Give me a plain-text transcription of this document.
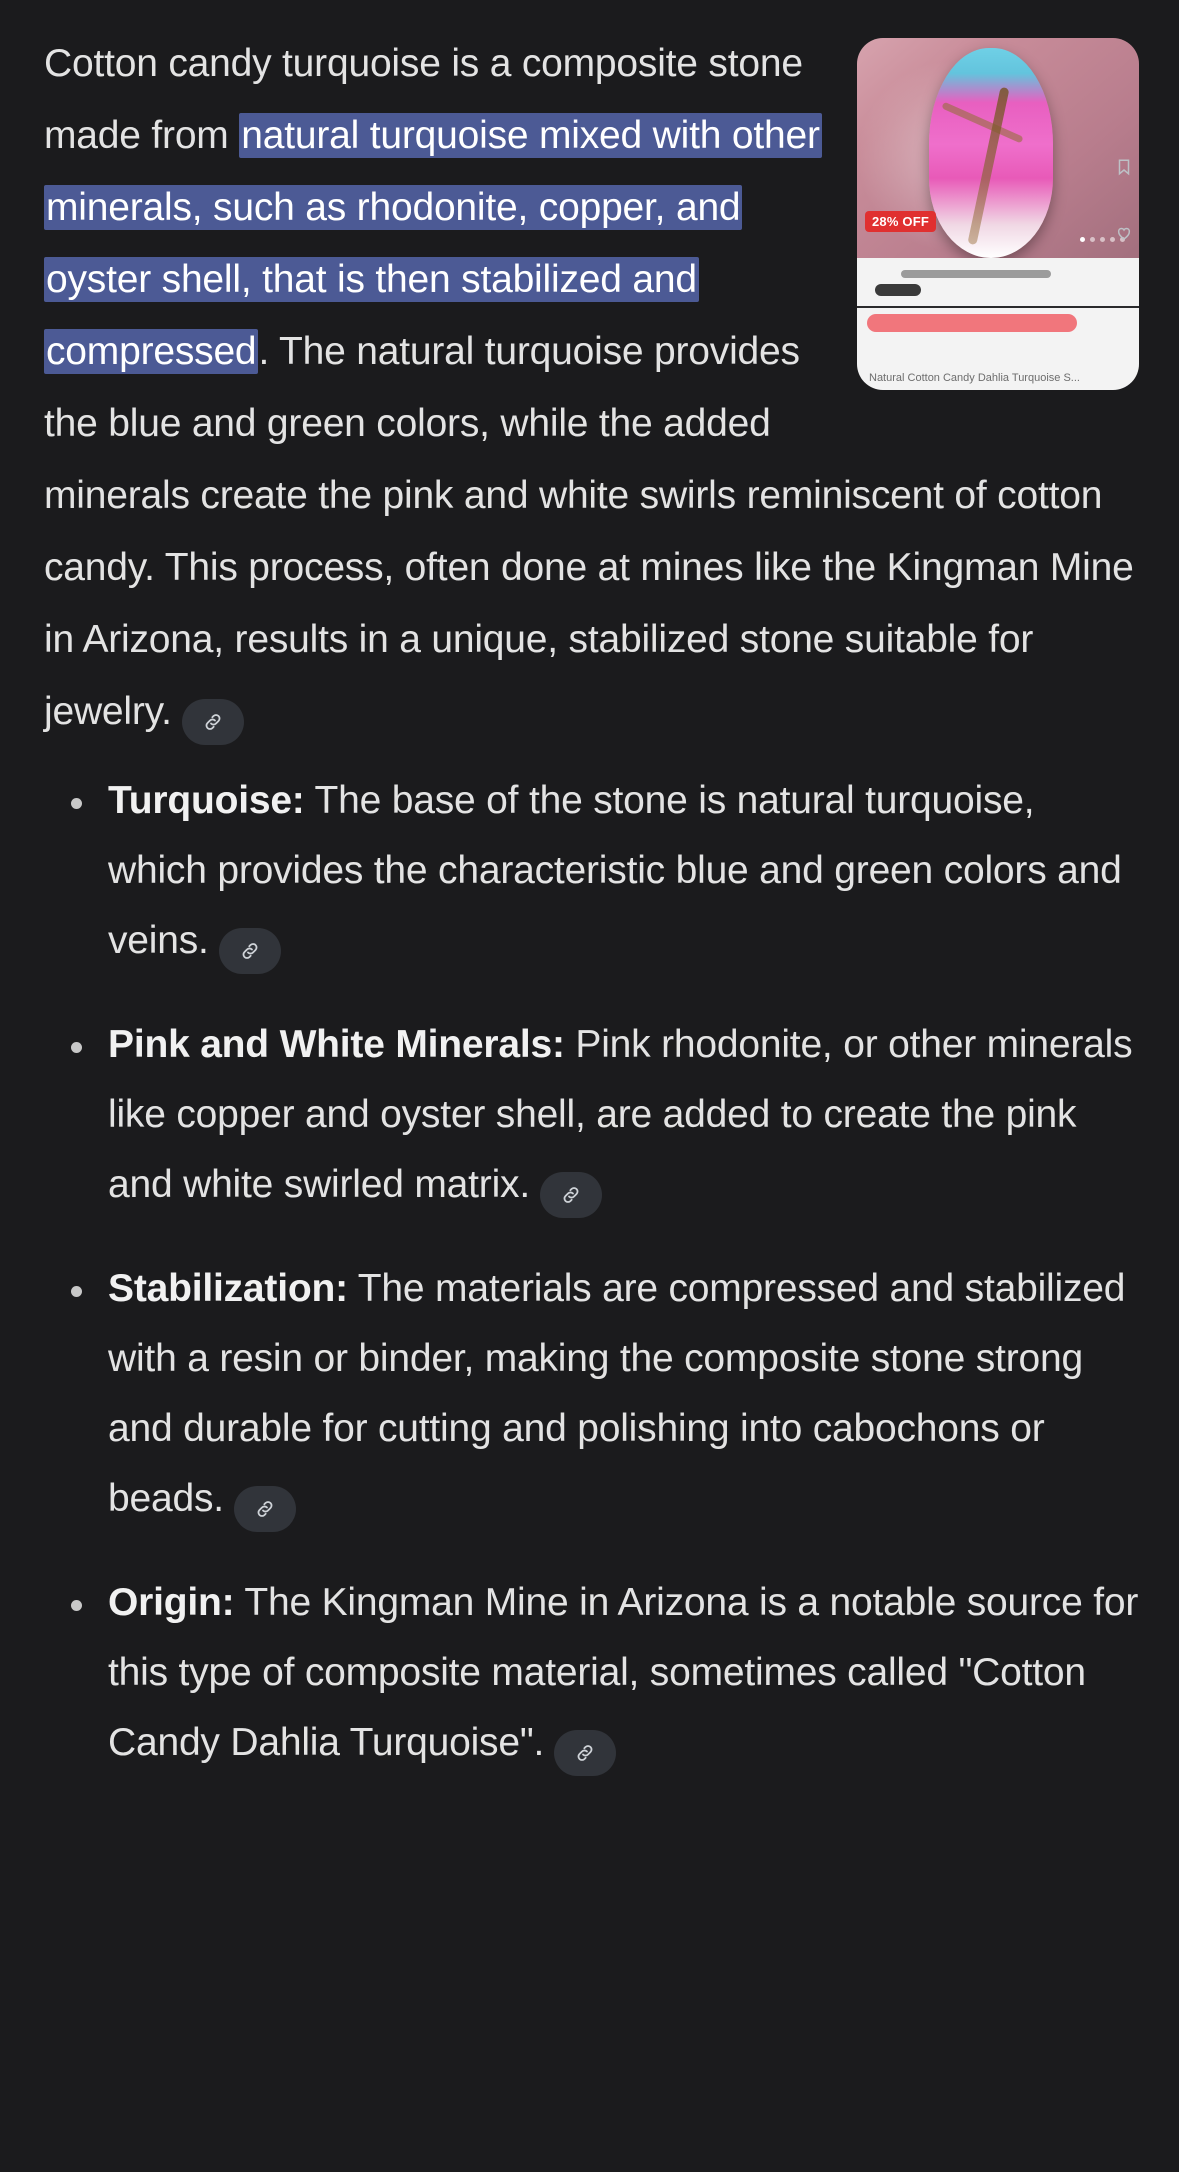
28% OFF
Natural Cotton Candy Dahlia Turquoise S...

Cotton candy turquoise is a composite stone made from natural turquoise mixed with other minerals, such as rhodonite, copper, and oyster shell, that is then stabilized and compressed. The natural turquoise provides the blue and green colors, while the added minerals create the pink and white swirls reminiscent of cotton candy. This process, often done at mines like the Kingman Mine in Arizona, results in a unique, stabilized stone suitable for jewelry.

Turquoise: The base of the stone is natural turquoise, which provides the characteristic blue and green colors and veins.
Pink and White Minerals: Pink rhodonite, or other minerals like copper and oyster shell, are added to create the pink and white swirled matrix.
Stabilization: The materials are compressed and stabilized with a resin or binder, making the composite stone strong and durable for cutting and polishing into cabochons or beads.
Origin: The Kingman Mine in Arizona is a notable source for this type of composite material, sometimes called "Cotton Candy Dahlia Turquoise".
